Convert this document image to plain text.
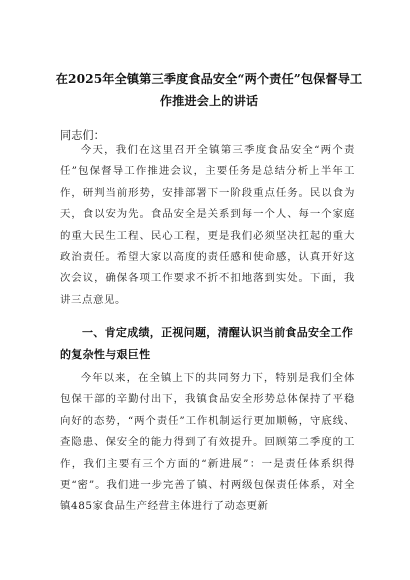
在2025年全镇第三季度食品安全“两个责任”包保督导工作推进会上的讲话
同志们：
今天，我们在这里召开全镇第三季度食品安全“两个责任”包保督导工作推进会议，主要任务是总结分析上半年工作，研判当前形势，安排部署下一阶段重点任务。民以食为天，食以安为先。食品安全是关系到每一个人、每一个家庭的重大民生工程、民心工程，更是我们必须坚决扛起的重大政治责任。希望大家以高度的责任感和使命感，认真开好这次会议，确保各项工作要求不折不扣地落到实处。下面，我讲三点意见。
一、肯定成绩，正视问题，清醒认识当前食品安全工作的复杂性与艰巨性
今年以来，在全镇上下的共同努力下，特别是我们全体包保干部的辛勤付出下，我镇食品安全形势总体保持了平稳向好的态势，“两个责任”工作机制运行更加顺畅，守底线、查隐患、保安全的能力得到了有效提升。回顾第二季度的工作，我们主要有三个方面的“新进展”：一是责任体系织得更“密”。我们进一步完善了镇、村两级包保责任体系，对全镇485家食品生产经营主体进行了动态更新
